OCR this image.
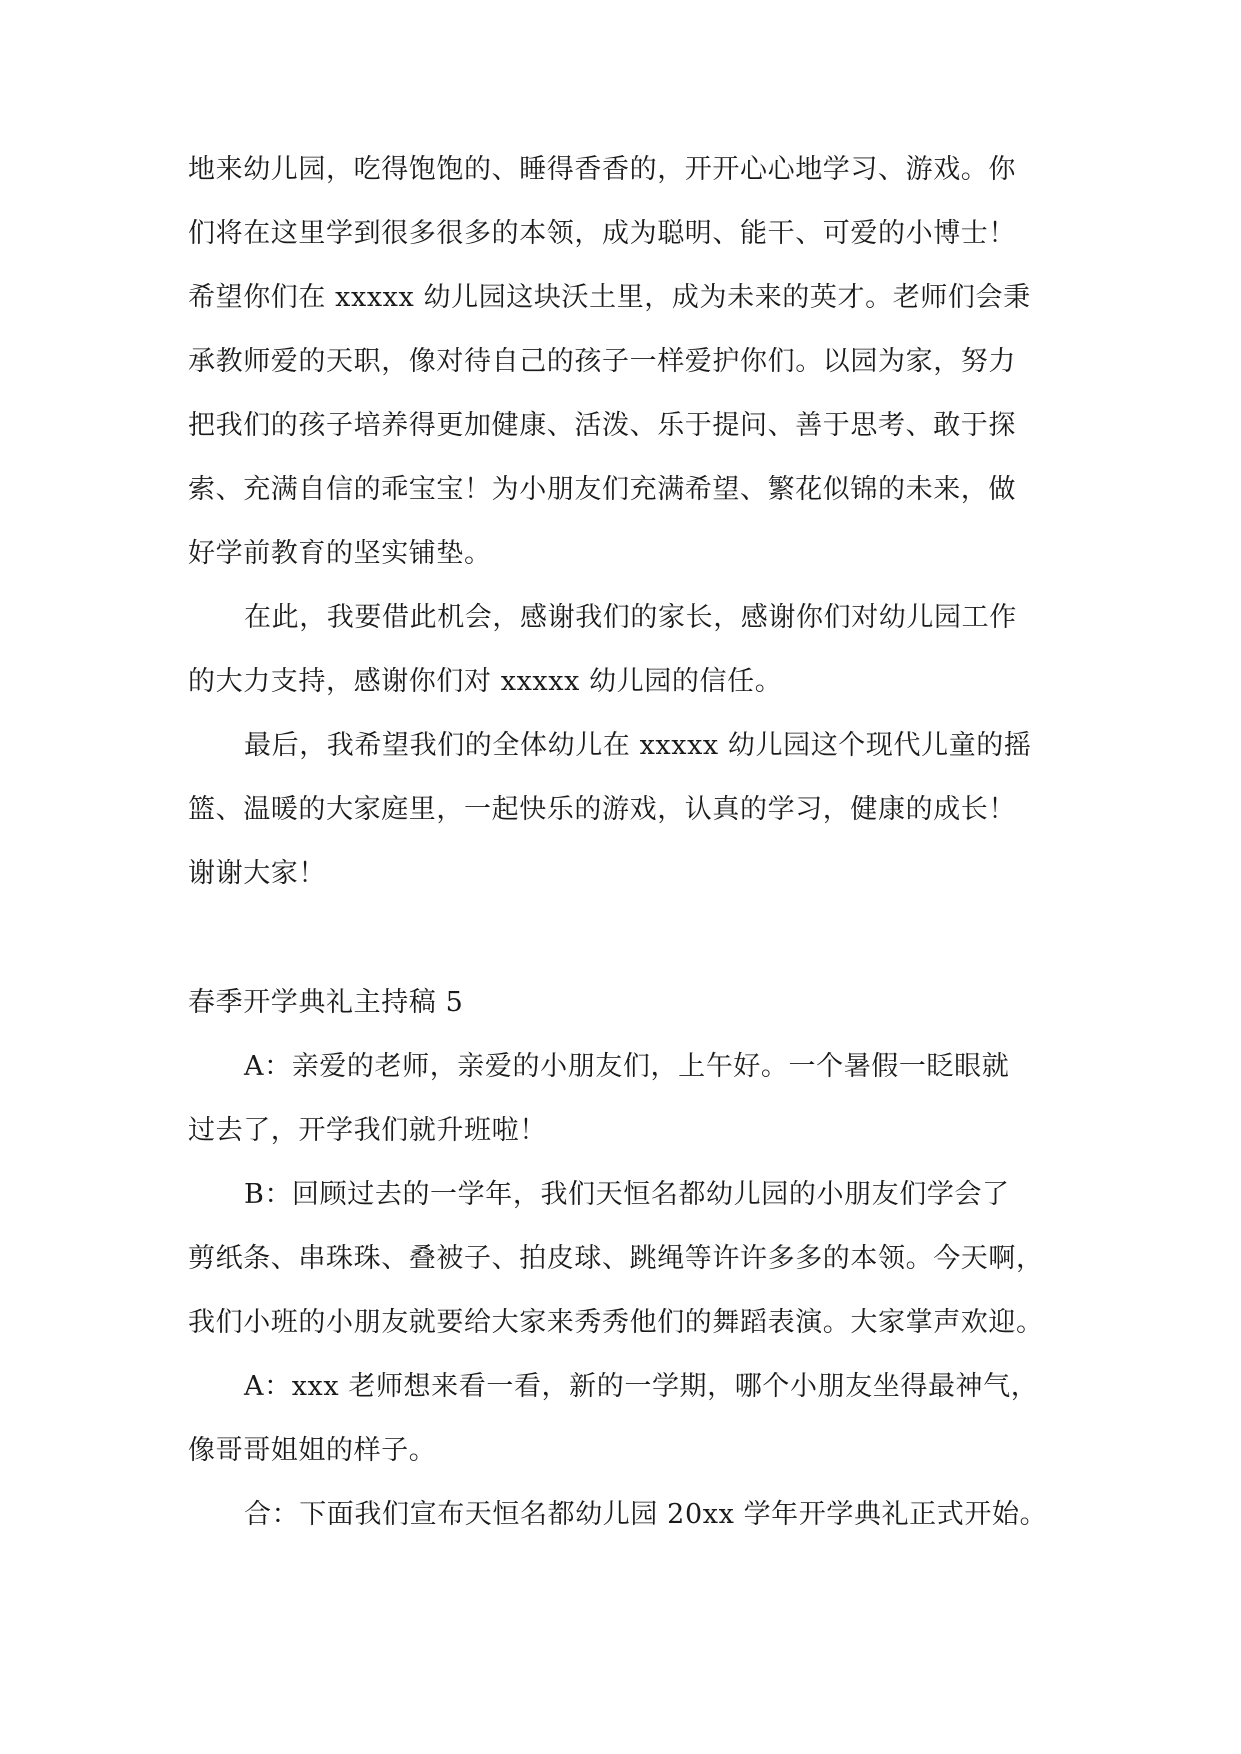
地来幼儿园，吃得饱饱的、睡得香香的，开开心心地学习、游戏。你
们将在这里学到很多很多的本领，成为聪明、能干、可爱的小博士！
希望你们在 xxxxx 幼儿园这块沃土里，成为未来的英才。老师们会秉
承教师爱的天职，像对待自己的孩子一样爱护你们。以园为家，努力
把我们的孩子培养得更加健康、活泼、乐于提问、善于思考、敢于探
索、充满自信的乖宝宝！为小朋友们充满希望、繁花似锦的未来，做
好学前教育的坚实铺垫。
在此，我要借此机会，感谢我们的家长，感谢你们对幼儿园工作
的大力支持，感谢你们对 xxxxx 幼儿园的信任。
最后，我希望我们的全体幼儿在 xxxxx 幼儿园这个现代儿童的摇
篮、温暖的大家庭里，一起快乐的游戏，认真的学习，健康的成长！
谢谢大家！
春季开学典礼主持稿 5
A：亲爱的老师，亲爱的小朋友们，上午好。一个暑假一眨眼就
过去了，开学我们就升班啦！
B：回顾过去的一学年，我们天恒名都幼儿园的小朋友们学会了
剪纸条、串珠珠、叠被子、拍皮球、跳绳等许许多多的本领。今天啊，
我们小班的小朋友就要给大家来秀秀他们的舞蹈表演。大家掌声欢迎。
A：xxx 老师想来看一看，新的一学期，哪个小朋友坐得最神气，
像哥哥姐姐的样子。
合：下面我们宣布天恒名都幼儿园 20xx 学年开学典礼正式开始。
